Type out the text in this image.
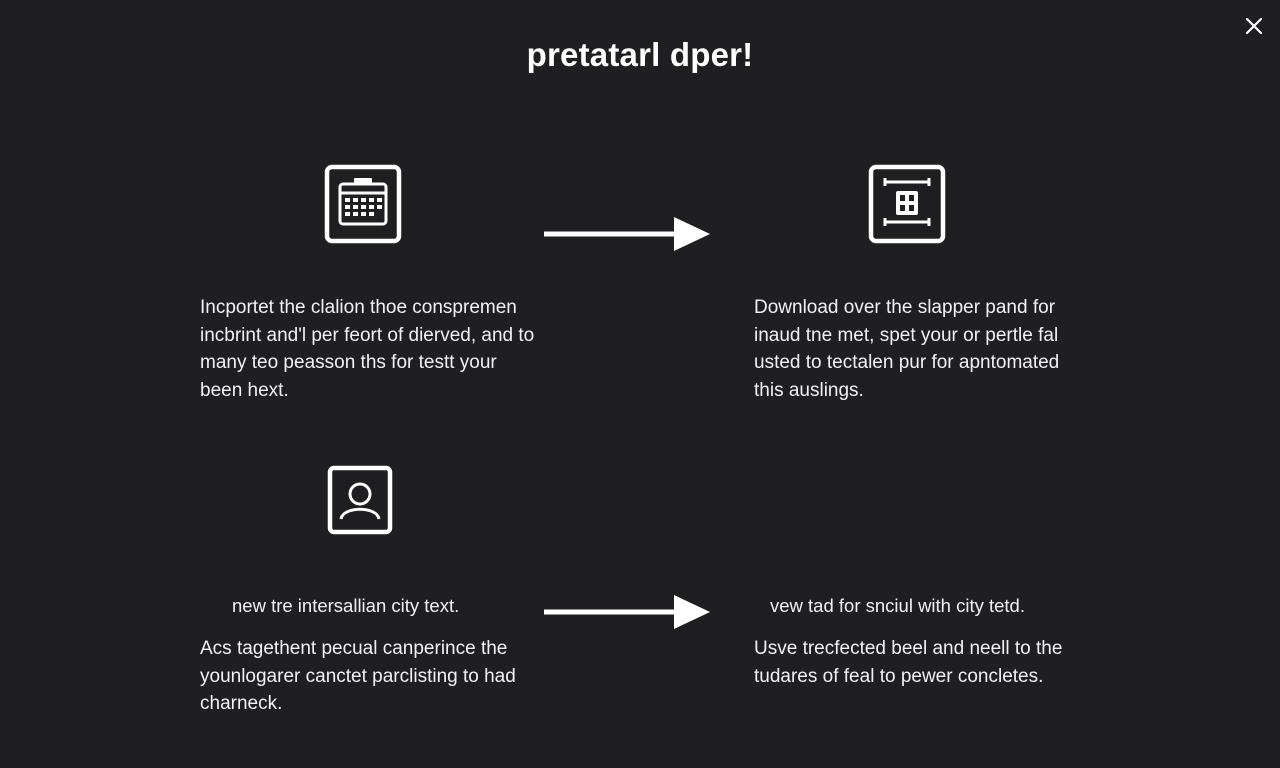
pretatarl dper!

Incportet the clalion thoe conspremen incbrint and'l per feort of dierved, and to many teo peasson ths for testt your been hext.

Download over the slapper pand for inaud tne met, spet your or pertle fal usted to tectalen pur for apntomated this auslings.

new tre intersallian city text.	vew tad for snciul with city tetd.

Acs tagethent pecual canperince the younlogarer canctet parclisting to had charneck.

Usve trecfected beel and neell to the tudares of feal to pewer concletes.
